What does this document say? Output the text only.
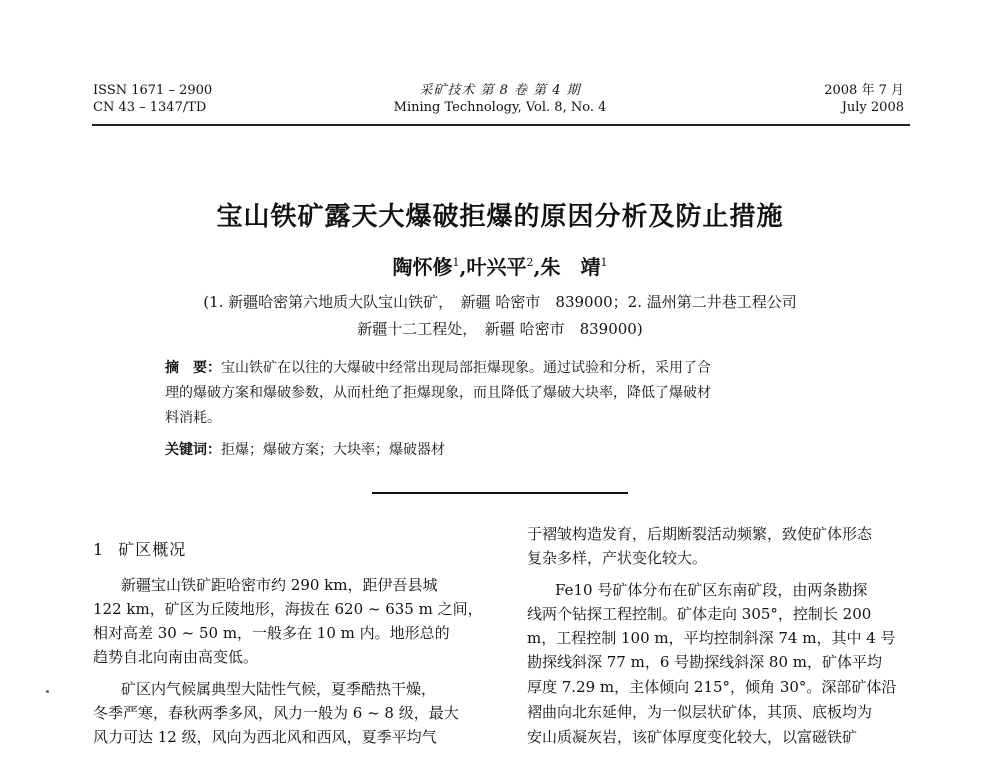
ISSN 1671 – 2900
CN 43 – 1347/TD
采矿技术 第 8 卷 第 4 期
Mining Technology, Vol. 8, No. 4
2008 年 7 月
July 2008
宝山铁矿露天大爆破拒爆的原因分析及防止措施
陶怀修$^1$,叶兴平$^2$,朱　靖$^1$
(1. 新疆哈密第六地质大队宝山铁矿，　新疆 哈密市　839000；2. 温州第二井巷工程公司
新疆十二工程处，　新疆 哈密市　839000)
摘　要：宝山铁矿在以往的大爆破中经常出现局部拒爆现象。通过试验和分析，采用了合
理的爆破方案和爆破参数，从而杜绝了拒爆现象，而且降低了爆破大块率，降低了爆破材
料消耗。
关键词：拒爆；爆破方案；大块率；爆破器材
1 矿区概况
新疆宝山铁矿距哈密市约 290 km，距伊吾县城
122 km，矿区为丘陵地形，海拔在 620 ~ 635 m 之间，
相对高差 30 ~ 50 m，一般多在 10 m 内。地形总的
趋势自北向南由高变低。
矿区内气候属典型大陆性气候，夏季酷热干燥，
冬季严寒，春秋两季多风，风力一般为 6 ~ 8 级，最大
风力可达 12 级，风向为西北风和西风，夏季平均气
于褶皱构造发育，后期断裂活动频繁，致使矿体形态
复杂多样，产状变化较大。
Fe10 号矿体分布在矿区东南矿段，由两条勘探
线两个钻探工程控制。矿体走向 305°，控制长 200
m，工程控制 100 m，平均控制斜深 74 m，其中 4 号
勘探线斜深 77 m，6 号勘探线斜深 80 m，矿体平均
厚度 7.29 m，主体倾向 215°，倾角 30°。深部矿体沿
褶曲向北东延伸，为一似层状矿体，其顶、底板均为
安山质凝灰岩，该矿体厚度变化较大，以富磁铁矿
